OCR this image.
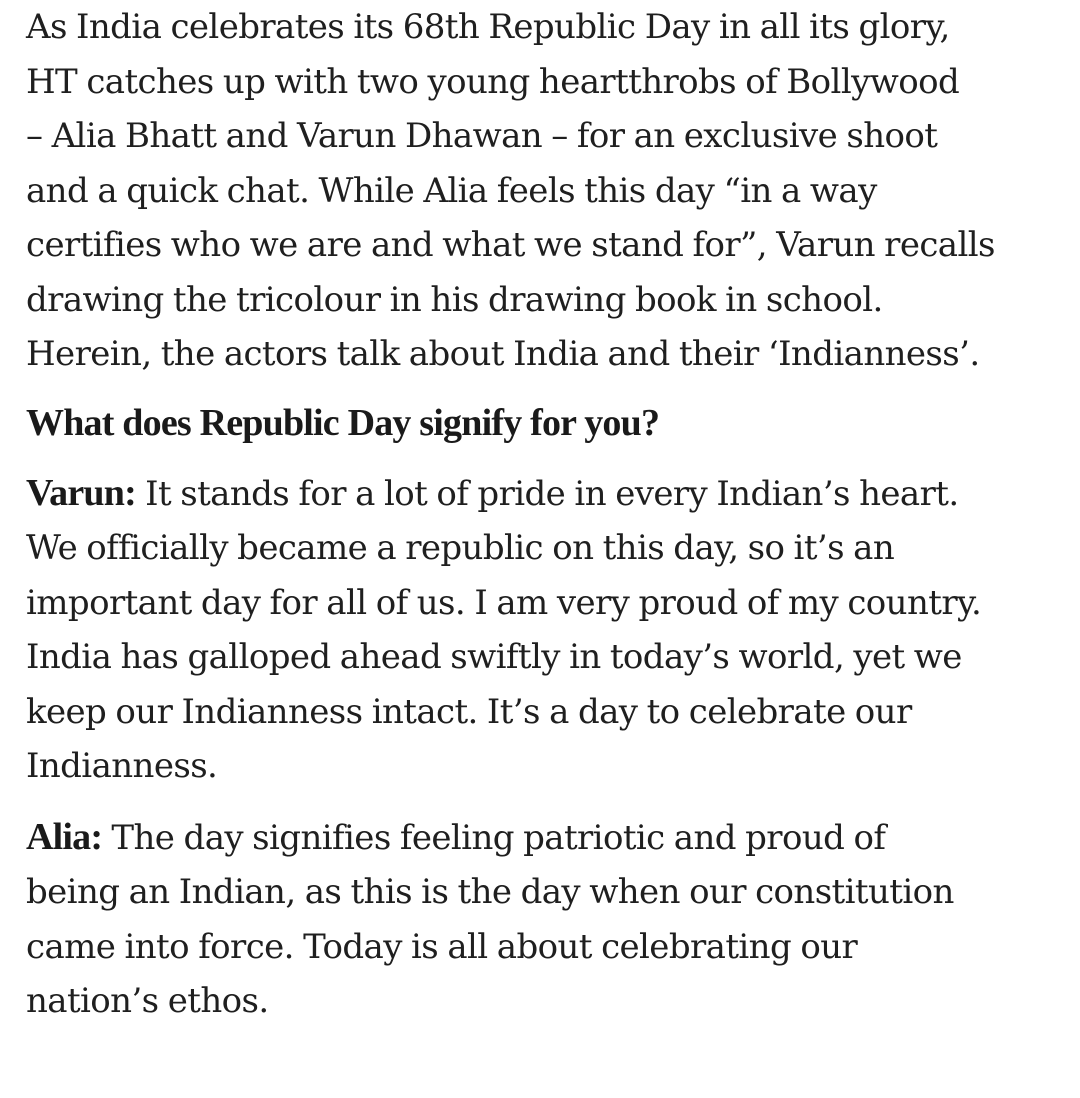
As India celebrates its 68th Republic Day in all its glory,
HT catches up with two young heartthrobs of Bollywood
– Alia Bhatt and Varun Dhawan – for an exclusive shoot
and a quick chat. While Alia feels this day “in a way
certifies who we are and what we stand for”, Varun recalls
drawing the tricolour in his drawing book in school.
Herein, the actors talk about India and their ‘Indianness’.

What does Republic Day signify for you?

Varun: It stands for a lot of pride in every Indian’s heart.
We officially became a republic on this day, so it’s an
important day for all of us. I am very proud of my country.
India has galloped ahead swiftly in today’s world, yet we
keep our Indianness intact. It’s a day to celebrate our
Indianness.

Alia: The day signifies feeling patriotic and proud of
being an Indian, as this is the day when our constitution
came into force. Today is all about celebrating our
nation’s ethos.
